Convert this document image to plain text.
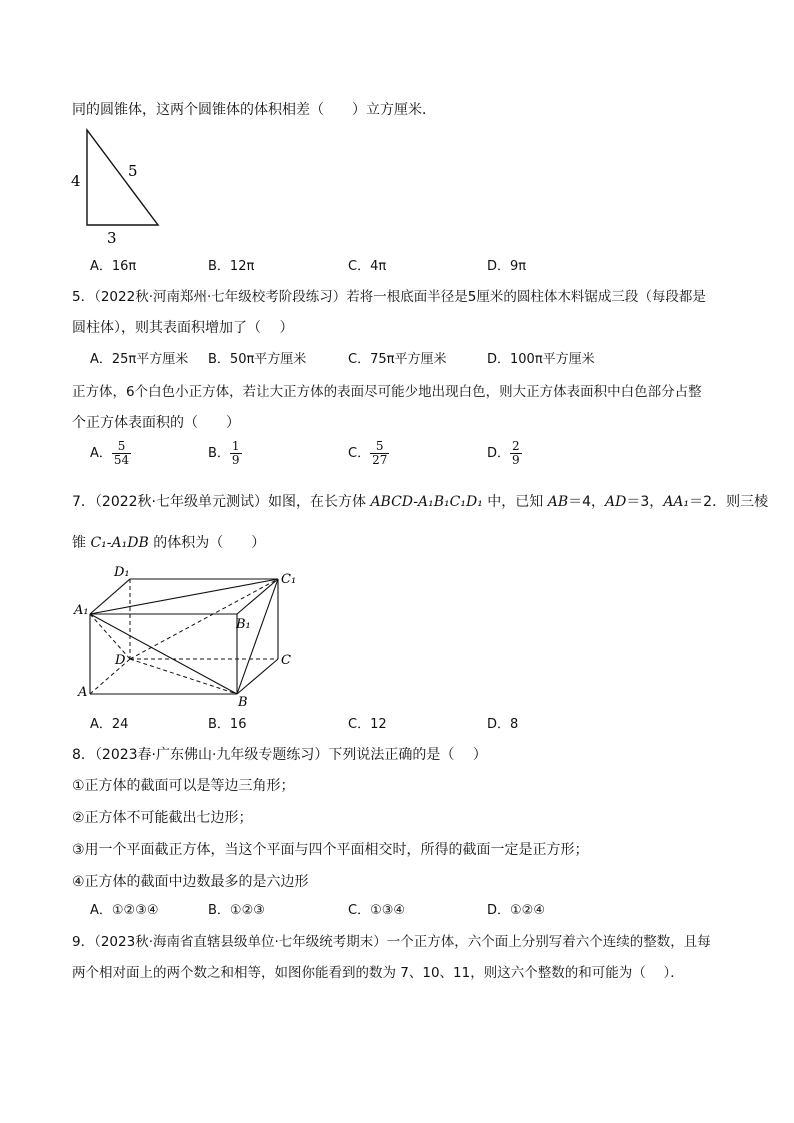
同的圆锥体，这两个圆锥体的体积相差（　　）立方厘米．
4
5
3
A．16π	B．12π	C．4π	D．9π
5．（2022秋·河南郑州·七年级校考阶段练习）若将一根底面半径是5厘米的圆柱体木料锯成三段（每段都是
圆柱体），则其表面积增加了（　 ）
A．25π平方厘米 B．50π平方厘米	C．75π平方厘米	D．100π平方厘米
正方体，6个白色小正方体，若让大正方体的表面尽可能少地出现白色，则大正方体表面积中白色部分占整
个正方体表面积的（　　）
A． $\frac{5}{54}$	B． $\frac{1}{9}$	C． $\frac{5}{27}$	D． $\frac{2}{9}$
7．（2022秋·七年级单元测试）如图，在长方体 ABCD-A₁B₁C₁D₁ 中，已知 AB＝4，AD＝3，AA₁＝2．则三棱
锥 C₁-A₁DB 的体积为（　　）
D₁	C₁
A₁
B₁
D	C
A
B
A．24	B．16	C．12	D．8
8．（2023春·广东佛山·九年级专题练习）下列说法正确的是（　 ）
①正方体的截面可以是等边三角形；
②正方体不可能截出七边形；
③用一个平面截正方体，当这个平面与四个平面相交时，所得的截面一定是正方形；
④正方体的截面中边数最多的是六边形
A．①②③④	B．①②③	C．①③④	D．①②④
9．（2023秋·海南省直辖县级单位·七年级统考期末）一个正方体，六个面上分别写着六个连续的整数，且每
两个相对面上的两个数之和相等，如图你能看到的数为 7、10、11，则这六个整数的和可能为（　 ）．
